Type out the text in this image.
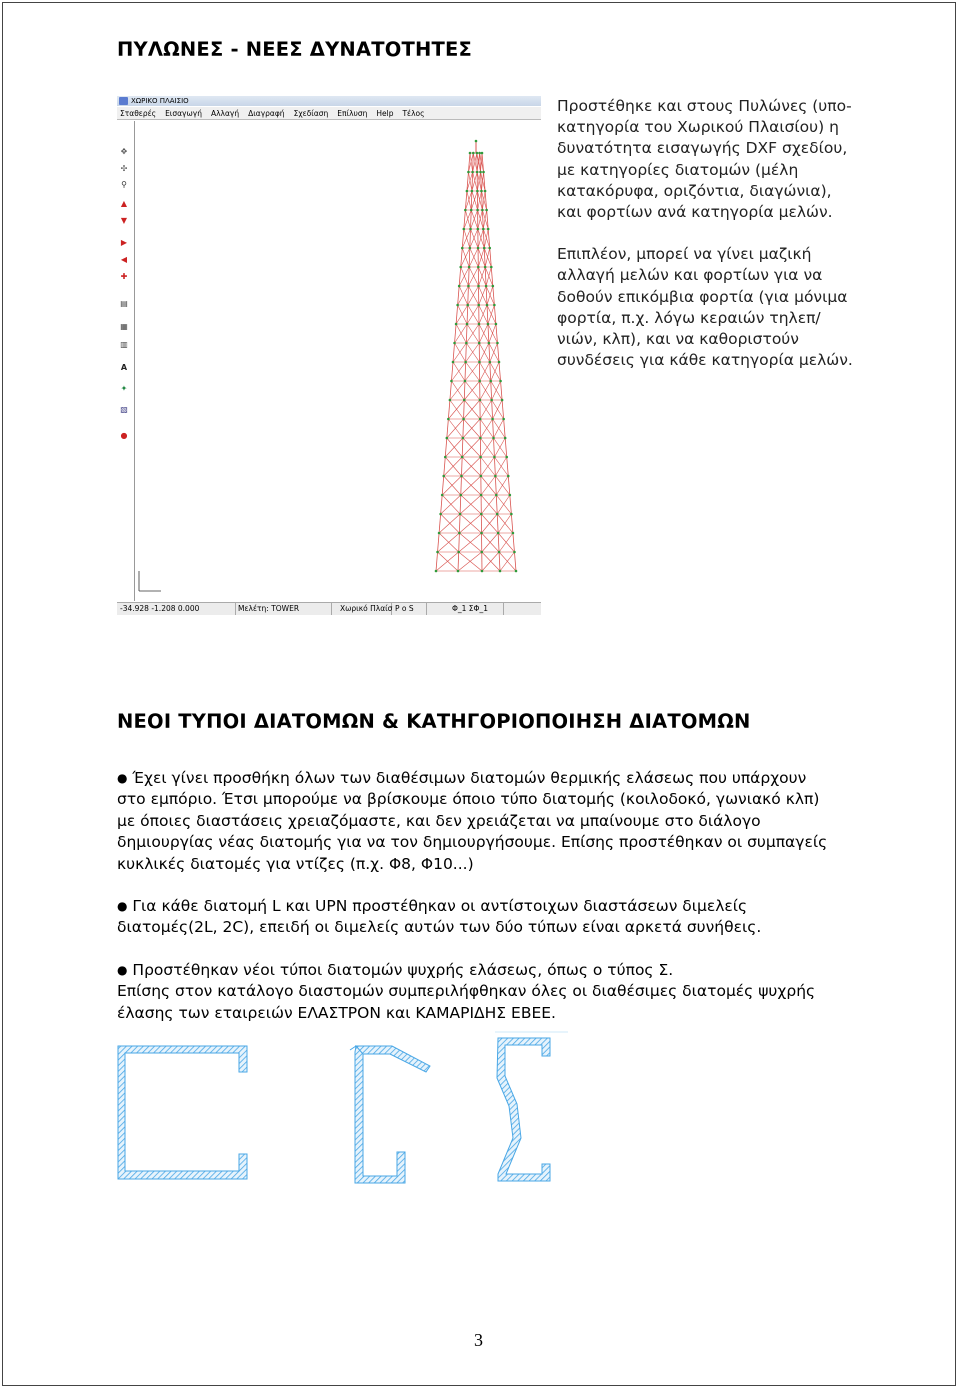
ΠΥΛΩΝΕΣ - ΝΕΕΣ ΔΥΝΑΤΟΤΗΤΕΣ
ΧΩΡΙΚΟ ΠΛΑΙΣΙΟ
Σταθερές Εισαγωγή Αλλαγή Διαγραφή Σχεδίαση Επίλυση Help Τέλος
✥
✣
⚲
▲
▼
▶
◀
✚
▤
▦
▥
A
✦
▧
●
-34.928 -1.208 0.000	Μελέτη: TOWER	Χωρικό Πλαίσ P o S	Φ_1 ΣΦ_1

Προστέθηκε και στους Πυλώνες (υπο-κατηγορία του Χωρικού Πλαισίου) η δυνατότητα εισαγωγής DXF σχεδίου, με κατηγορίες διατομών (μέλη κατακόρυφα, οριζόντια, διαγώνια), και φορτίων ανά κατηγορία μελών.

Επιπλέον, μπορεί να γίνει μαζική αλλαγή μελών και φορτίων για να δοθούν επικόμβια φορτία (για μόνιμα φορτία, π.χ. λόγω κεραιών τηλεπ/νιών, κλπ), και να καθοριστούν συνδέσεις για κάθε κατηγορία μελών.

ΝΕΟΙ ΤΥΠΟΙ ΔΙΑΤΟΜΩΝ & ΚΑΤΗΓΟΡΙΟΠΟΙΗΣΗ ΔΙΑΤΟΜΩΝ

● Έχει γίνει προσθήκη όλων των διαθέσιμων διατομών θερμικής ελάσεως που υπάρχουν στο εμπόριο. Έτσι μπορούμε να βρίσκουμε όποιο τύπο διατομής (κοιλοδοκό, γωνιακό κλπ) με όποιες διαστάσεις χρειαζόμαστε, και δεν χρειάζεται να μπαίνουμε στο διάλογο δημιουργίας νέας διατομής για να τον δημιουργήσουμε. Επίσης προστέθηκαν οι συμπαγείς κυκλικές διατομές για ντίζες (π.χ. Φ8, Φ10...)

● Για κάθε διατομή L και UPN προστέθηκαν οι αντίστοιχων διαστάσεων διμελείς διατομές(2L, 2C), επειδή οι διμελείς αυτών των δύο τύπων είναι αρκετά συνήθεις.

● Προστέθηκαν νέοι τύποι διατομών ψυχρής ελάσεως, όπως ο τύπος Σ.
Επίσης στον κατάλογο διαστομών συμπεριλήφθηκαν όλες οι διαθέσιμες διατομές ψυχρής έλασης των εταιρειών ΕΛΑΣΤΡΟΝ και ΚΑΜΑΡΙΔΗΣ ΕΒΕΕ.

3
